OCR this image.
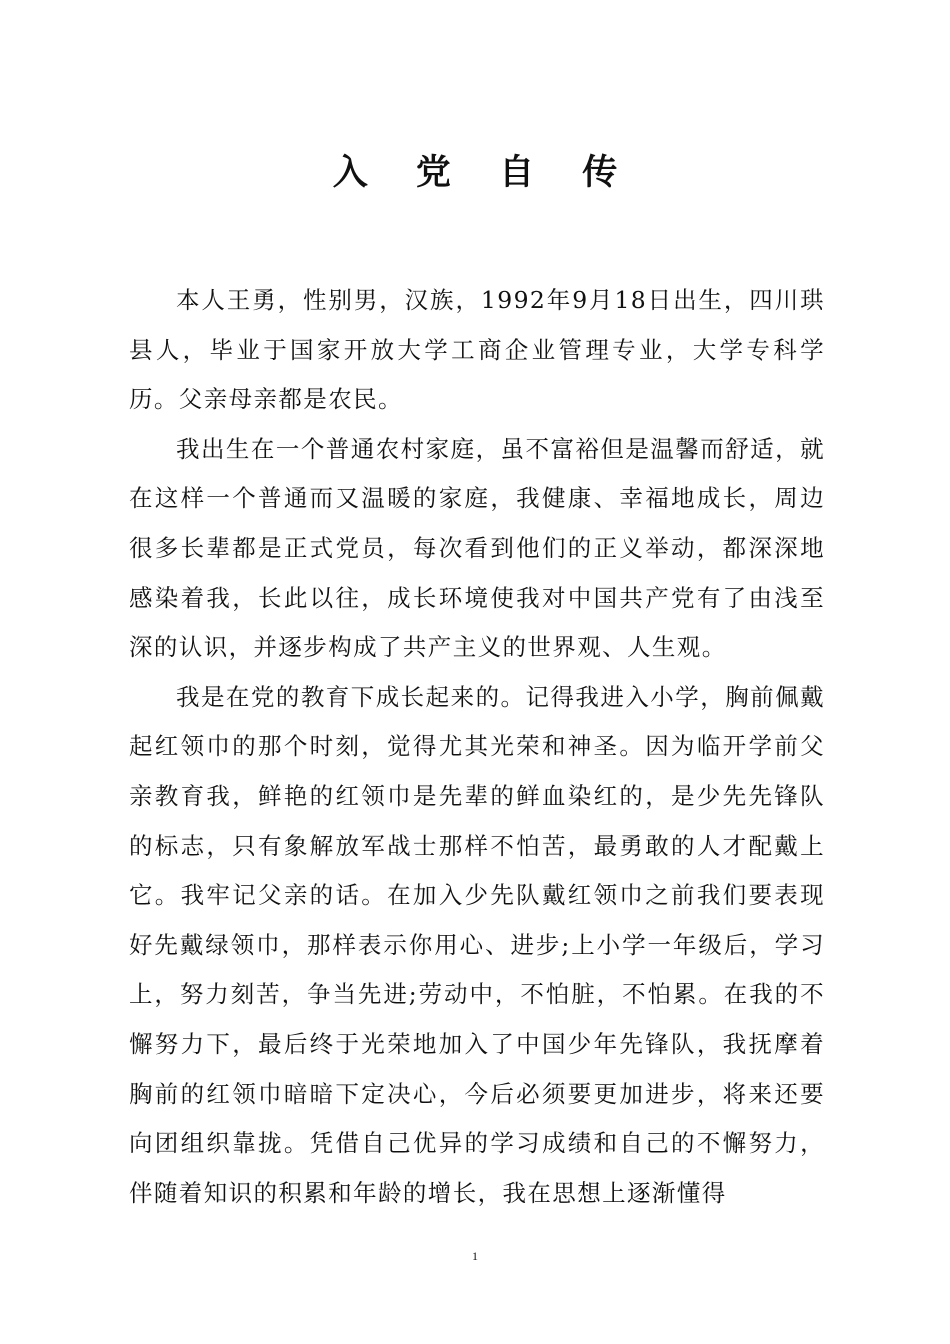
入 党 自 传

本人王勇，性别男，汉族，1992年9月18日出生，四川珙县人，毕业于国家开放大学工商企业管理专业，大学专科学历。父亲母亲都是农民。

我出生在一个普通农村家庭，虽不富裕但是温馨而舒适，就在这样一个普通而又温暖的家庭，我健康、幸福地成长，周边很多长辈都是正式党员，每次看到他们的正义举动，都深深地感染着我，长此以往，成长环境使我对中国共产党有了由浅至深的认识，并逐步构成了共产主义的世界观、人生观。

我是在党的教育下成长起来的。记得我进入小学，胸前佩戴起红领巾的那个时刻，觉得尤其光荣和神圣。因为临开学前父亲教育我，鲜艳的红领巾是先辈的鲜血染红的，是少先先锋队的标志，只有象解放军战士那样不怕苦，最勇敢的人才配戴上它。我牢记父亲的话。在加入少先队戴红领巾之前我们要表现好先戴绿领巾，那样表示你用心、进步;上小学一年级后，学习上，努力刻苦，争当先进;劳动中，不怕脏，不怕累。在我的不懈努力下，最后终于光荣地加入了中国少年先锋队，我抚摩着胸前的红领巾暗暗下定决心，今后必须要更加进步，将来还要向团组织靠拢。凭借自己优异的学习成绩和自己的不懈努力，伴随着知识的积累和年龄的增长，我在思想上逐渐懂得

1
